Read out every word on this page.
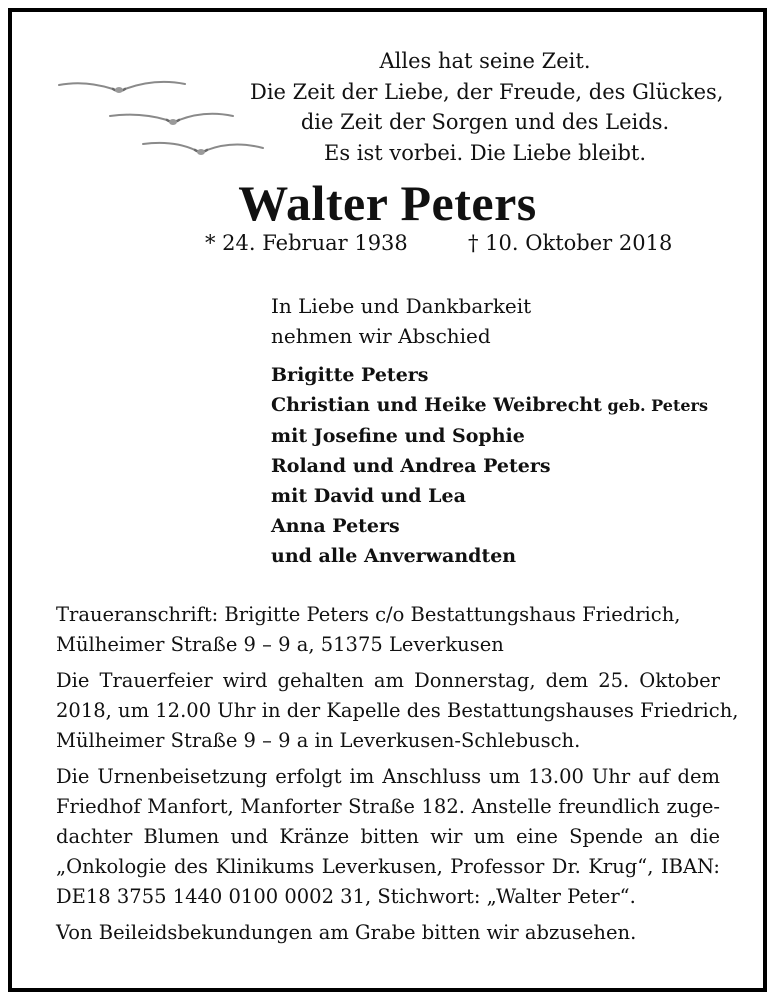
Alles hat seine Zeit.
Die Zeit der Liebe, der Freude, des Glückes,
die Zeit der Sorgen und des Leids.
Es ist vorbei. Die Liebe bleibt.
Walter Peters
* 24. Februar 1938	† 10. Oktober 2018
In Liebe und Dankbarkeit
nehmen wir Abschied
Brigitte Peters
Christian und Heike Weibrecht geb. Peters
mit Josefine und Sophie
Roland und Andrea Peters
mit David und Lea
Anna Peters
und alle Anverwandten
Traueranschrift: Brigitte Peters c/o Bestattungshaus Friedrich,
Mülheimer Straße 9 – 9 a, 51375 Leverkusen
Die Trauerfeier wird gehalten am Donnerstag, dem 25. Oktober
2018, um 12.00 Uhr in der Kapelle des Bestattungshauses Friedrich,
Mülheimer Straße 9 – 9 a in Leverkusen-Schlebusch.
Die Urnenbeisetzung erfolgt im Anschluss um 13.00 Uhr auf dem
Friedhof Manfort, Manforter Straße 182. Anstelle freundlich zuge-
dachter Blumen und Kränze bitten wir um eine Spende an die
„Onkologie des Klinikums Leverkusen, Professor Dr. Krug“, IBAN:
DE18 3755 1440 0100 0002 31, Stichwort: „Walter Peter“.
Von Beileidsbekundungen am Grabe bitten wir abzusehen.
